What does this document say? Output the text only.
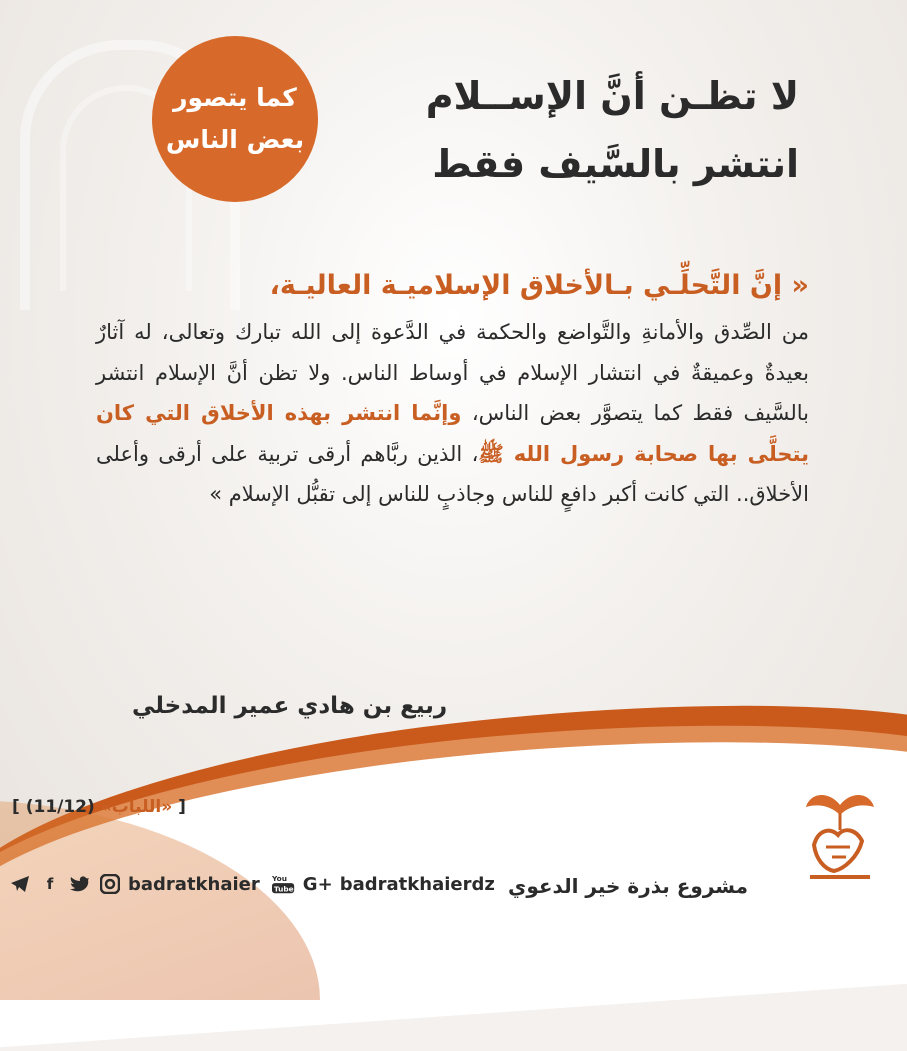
كما يتصور
بعض الناس
لا تظـن أنَّ الإســلام
انتشر بالسَّيف فقط
« إنَّ التَّحلِّـي بـالأخلاق الإسلاميـة العاليـة،
من الصِّدق والأمانةِ والتَّواضع والحكمة في الدَّعوة إلى الله تبارك وتعالى، له آثارٌ بعيدةٌ وعميقةٌ في انتشار الإسلام في أوساط الناس. ولا تظن أنَّ الإسلام انتشر بالسَّيف فقط كما يتصوَّر بعض الناس، وإنَّما انتشر بهذه الأخلاق التي كان يتحلَّى بها صحابة رسول الله ﷺ، الذين ربَّاهم أرقى تربية على أرقى وأعلى الأخلاق.. التي كانت أكبر دافعٍ للناس وجاذبٍ للناس إلى تقبُّل الإسلام »
ربيع بن هادي عمير المدخلي
[ «اللباب» (11/12) ]
f	badratkhaier You
Tube G+ badratkhaierdz مشروع بذرة خير الدعوي
